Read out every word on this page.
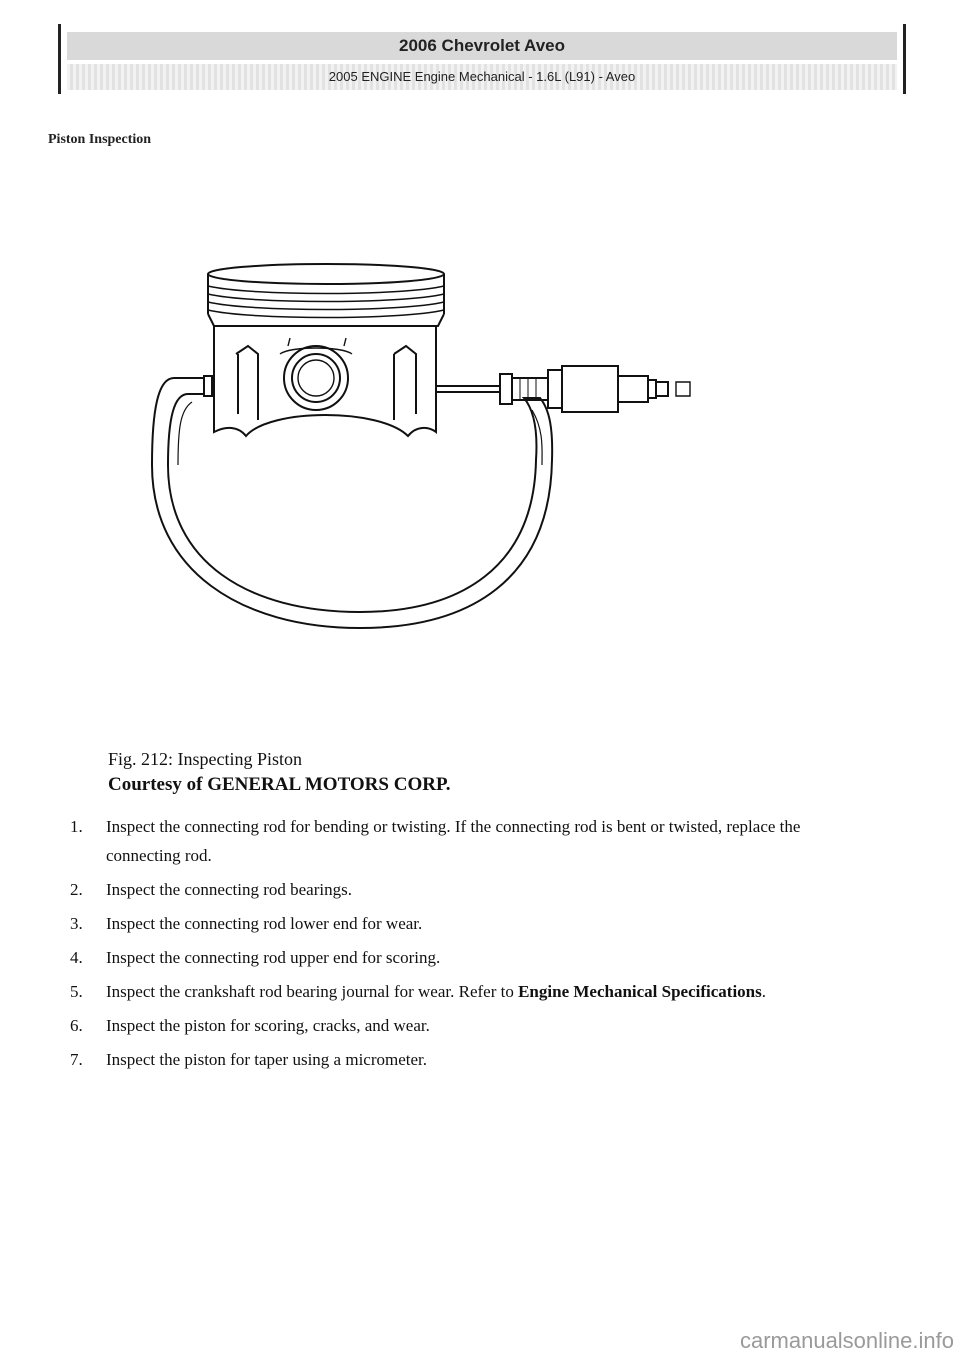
2006 Chevrolet Aveo
2005 ENGINE Engine Mechanical - 1.6L (L91) - Aveo
Piston Inspection
Fig. 212: Inspecting Piston
Courtesy of GENERAL MOTORS CORP.
1.	Inspect the connecting rod for bending or twisting. If the connecting rod is bent or twisted, replace the connecting rod.
2.	Inspect the connecting rod bearings.
3.	Inspect the connecting rod lower end for wear.
4.	Inspect the connecting rod upper end for scoring.
5.	Inspect the crankshaft rod bearing journal for wear. Refer to Engine Mechanical Specifications.
6.	Inspect the piston for scoring, cracks, and wear.
7.	Inspect the piston for taper using a micrometer.
carmanualsonline.info
